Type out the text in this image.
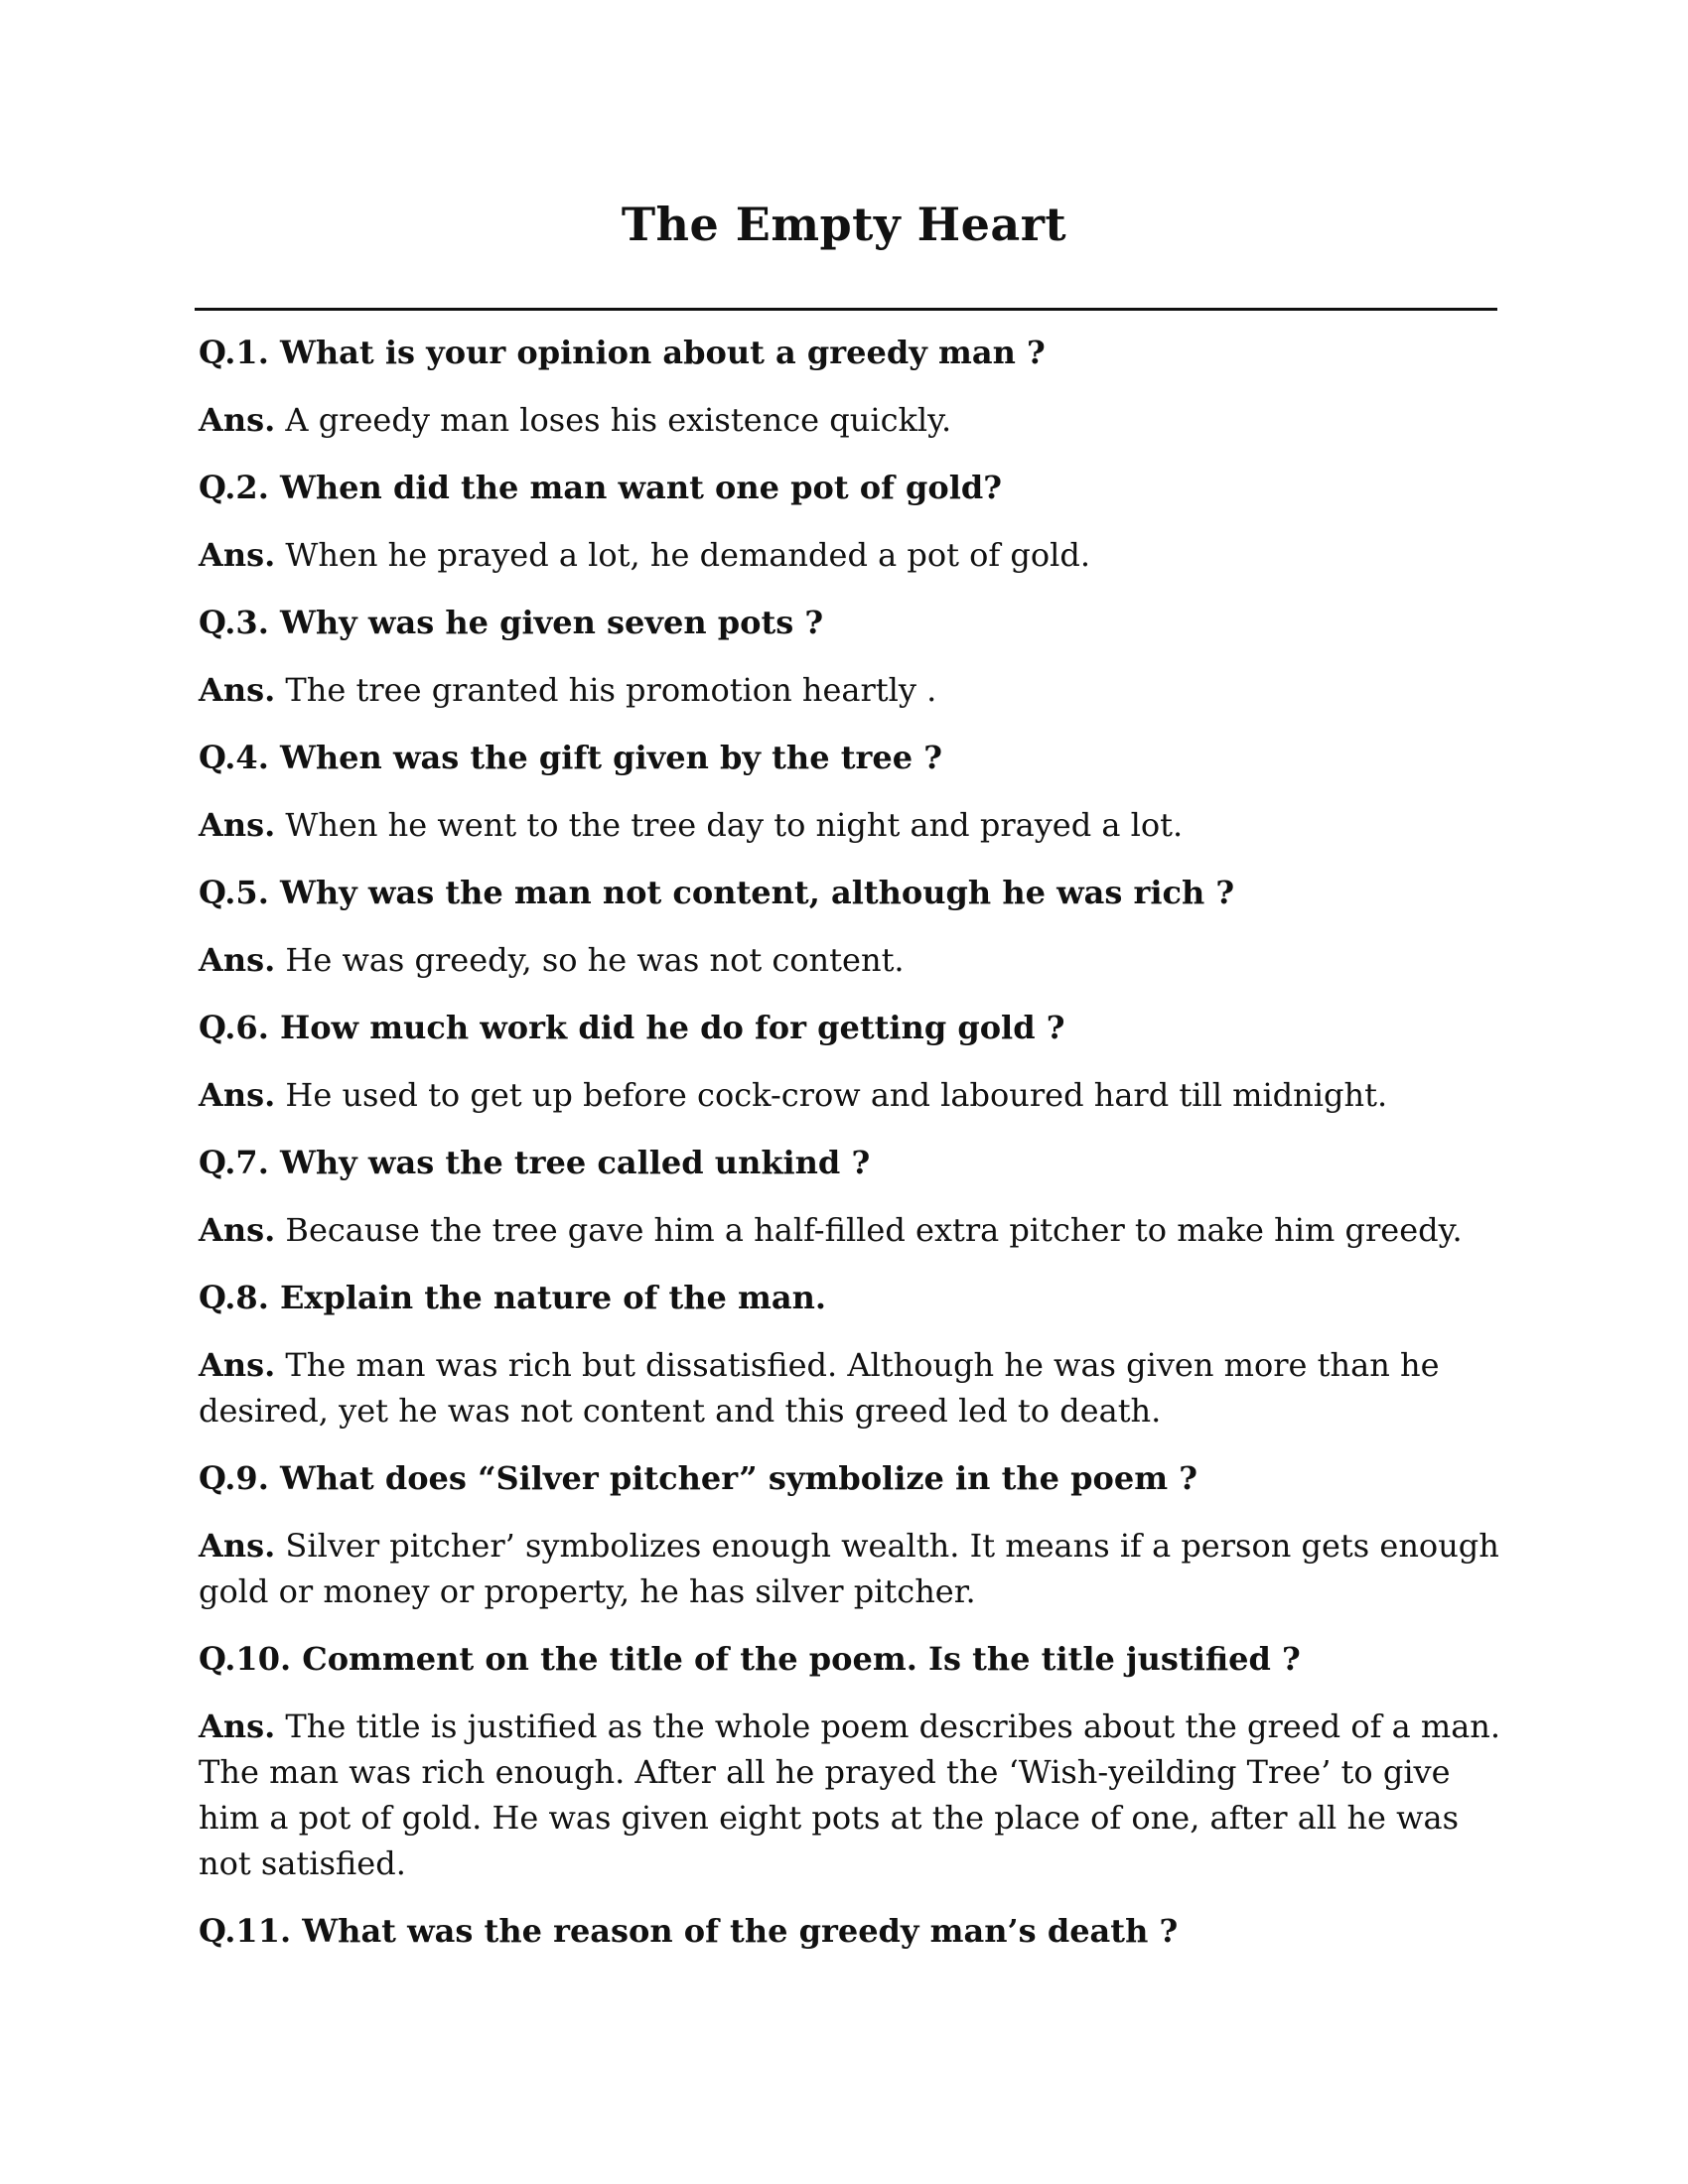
The Empty Heart

Q.1. What is your opinion about a greedy man ?

Ans. A greedy man loses his existence quickly.

Q.2. When did the man want one pot of gold?

Ans. When he prayed a lot, he demanded a pot of gold.

Q.3. Why was he given seven pots ?

Ans. The tree granted his promotion heartly .

Q.4. When was the gift given by the tree ?

Ans. When he went to the tree day to night and prayed a lot.

Q.5. Why was the man not content, although he was rich ?

Ans. He was greedy, so he was not content.

Q.6. How much work did he do for getting gold ?

Ans. He used to get up before cock-crow and laboured hard till midnight.

Q.7. Why was the tree called unkind ?

Ans. Because the tree gave him a half-filled extra pitcher to make him greedy.

Q.8. Explain the nature of the man.

Ans. The man was rich but dissatisfied. Although he was given more than he desired, yet he was not content and this greed led to death.

Q.9. What does “Silver pitcher” symbolize in the poem ?

Ans. Silver pitcher’ symbolizes enough wealth. It means if a person gets enough gold or money or property, he has silver pitcher.

Q.10. Comment on the title of the poem. Is the title justified ?

Ans. The title is justified as the whole poem describes about the greed of a man. The man was rich enough. After all he prayed the ‘Wish-yeilding Tree’ to give him a pot of gold. He was given eight pots at the place of one, after all he was not satisfied.

Q.11. What was the reason of the greedy man’s death ?
